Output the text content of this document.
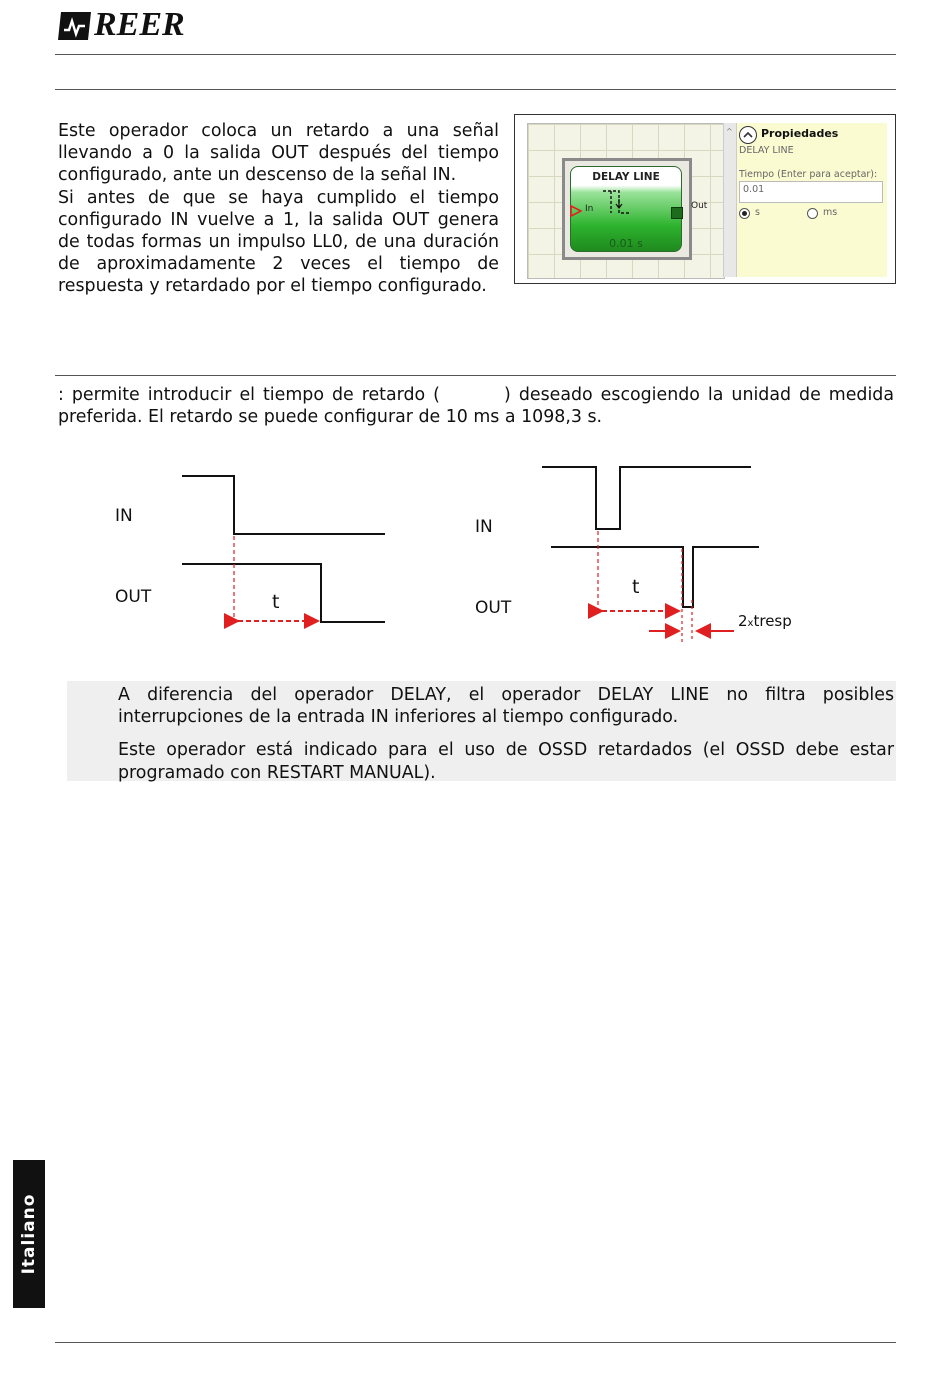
REER

Este operador coloca un retardo a una señal llevando a 0 la salida OUT después del tiempo configurado, ante un descenso de la señal IN.

Si antes de que se haya cumplido el tiempo configurado IN vuelve a 1, la salida OUT genera de todas formas un impulso LL0, de una duración de aproximadamente 2 veces el tiempo de respuesta y retardado por el tiempo configurado.

DELAY LINE
In
0.01 s
Out
^	Propiedades
DELAY LINE
Tiempo (Enter para aceptar):
0.01
s	ms
: permite introducir el tiempo de retardo (        ) deseado escogiendo la unidad de medida preferida. El retardo se puede configurar de 10 ms a 1098,3 s.
IN
OUT	t
IN
OUT
t
2xtresp

A diferencia del operador DELAY, el operador DELAY LINE no filtra posibles interrupciones de la entrada IN inferiores al tiempo configurado.

Este operador está indicado para el uso de OSSD retardados (el OSSD debe estar programado con RESTART MANUAL).

Italiano
